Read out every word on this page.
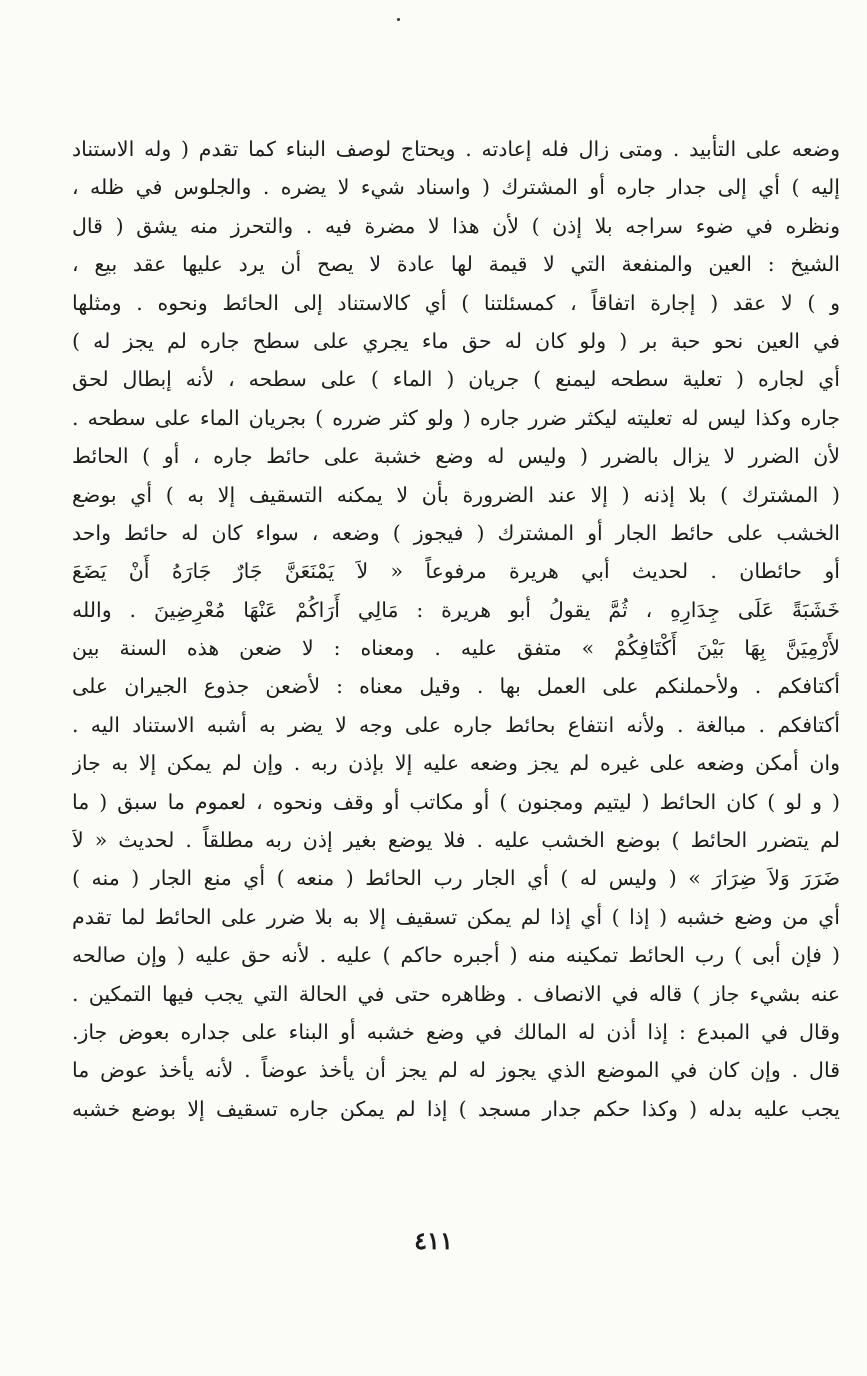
وضعه على التأبيد . ومتى زال فله إعادته . ويحتاج لوصف البناء كما تقدم ( وله الاستناد
إليه ) أي إلى جدار جاره أو المشترك ( واسناد شيء لا يضره . والجلوس في ظله ،
ونظره في ضوء سراجه بلا إذن ) لأن هذا لا مضرة فيه . والتحرز منه يشق ( قال
الشيخ : العين والمنفعة التي لا قيمة لها عادة لا يصح أن يرد عليها عقد بيع ،
و ) لا عقد ( إجارة اتفاقاً ، كمسئلتنا ) أي كالاستناد إلى الحائط ونحوه . ومثلها
في العين نحو حبة بر ( ولو كان له حق ماء يجري على سطح جاره لم يجز له )
أي لجاره ( تعلية سطحه ليمنع ) جريان ( الماء ) على سطحه ، لأنه إبطال لحق
جاره وكذا ليس له تعليته ليكثر ضرر جاره ( ولو كثر ضرره ) بجريان الماء على سطحه .
لأن الضرر لا يزال بالضرر ( وليس له وضع خشبة على حائط جاره ، أو ) الحائط
( المشترك ) بلا إذنه ( إلا عند الضرورة بأن لا يمكنه التسقيف إلا به ) أي بوضع
الخشب على حائط الجار أو المشترك ( فيجوز ) وضعه ، سواء كان له حائط واحد
أو حائطان . لحديث أبي هريرة مرفوعاً « لاَ يَمْنَعَنَّ جَارٌ جَارَهُ أَنْ يَضَعَ
خَشَبَةً عَلَى جِدَارِهِ ، ثُمَّ يقولُ أبو هريرة : مَالِي أَرَاكُمْ عَنْهَا مُعْرِضِينَ . والله
لأَرْمِيَنَّ بِهَا بَيْنَ أَكْتَافِكُمْ » متفق عليه . ومعناه : لا ضعن هذه السنة بين
أكتافكم . ولأحملنكم على العمل بها . وقيل معناه : لأضعن جذوع الجيران على
أكتافكم . مبالغة . ولأنه انتفاع بحائط جاره على وجه لا يضر به أشبه الاستناد اليه .
وان أمكن وضعه على غيره لم يجز وضعه عليه إلا بإذن ربه . وإن لم يمكن إلا به جاز
( و لو ) كان الحائط ( ليتيم ومجنون ) أو مكاتب أو وقف ونحوه ، لعموم ما سبق ( ما
لم يتضرر الحائط ) بوضع الخشب عليه . فلا يوضع بغير إذن ربه مطلقاً . لحديث « لاَ
ضَرَرَ وَلاَ ضِرَارَ » ( وليس له ) أي الجار رب الحائط ( منعه ) أي منع الجار ( منه )
أي من وضع خشبه ( إذا ) أي إذا لم يمكن تسقيف إلا به بلا ضرر على الحائط لما تقدم
( فإن أبى ) رب الحائط تمكينه منه ( أجبره حاكم ) عليه . لأنه حق عليه ( وإن صالحه
عنه بشيء جاز ) قاله في الانصاف . وظاهره حتى في الحالة التي يجب فيها التمكين .
وقال في المبدع : إذا أذن له المالك في وضع خشبه أو البناء على جداره بعوض جاز.
قال . وإن كان في الموضع الذي يجوز له لم يجز أن يأخذ عوضاً . لأنه يأخذ عوض ما
يجب عليه بدله ( وكذا حكم جدار مسجد ) إذا لم يمكن جاره تسقيف إلا بوضع خشبه
٤١١
